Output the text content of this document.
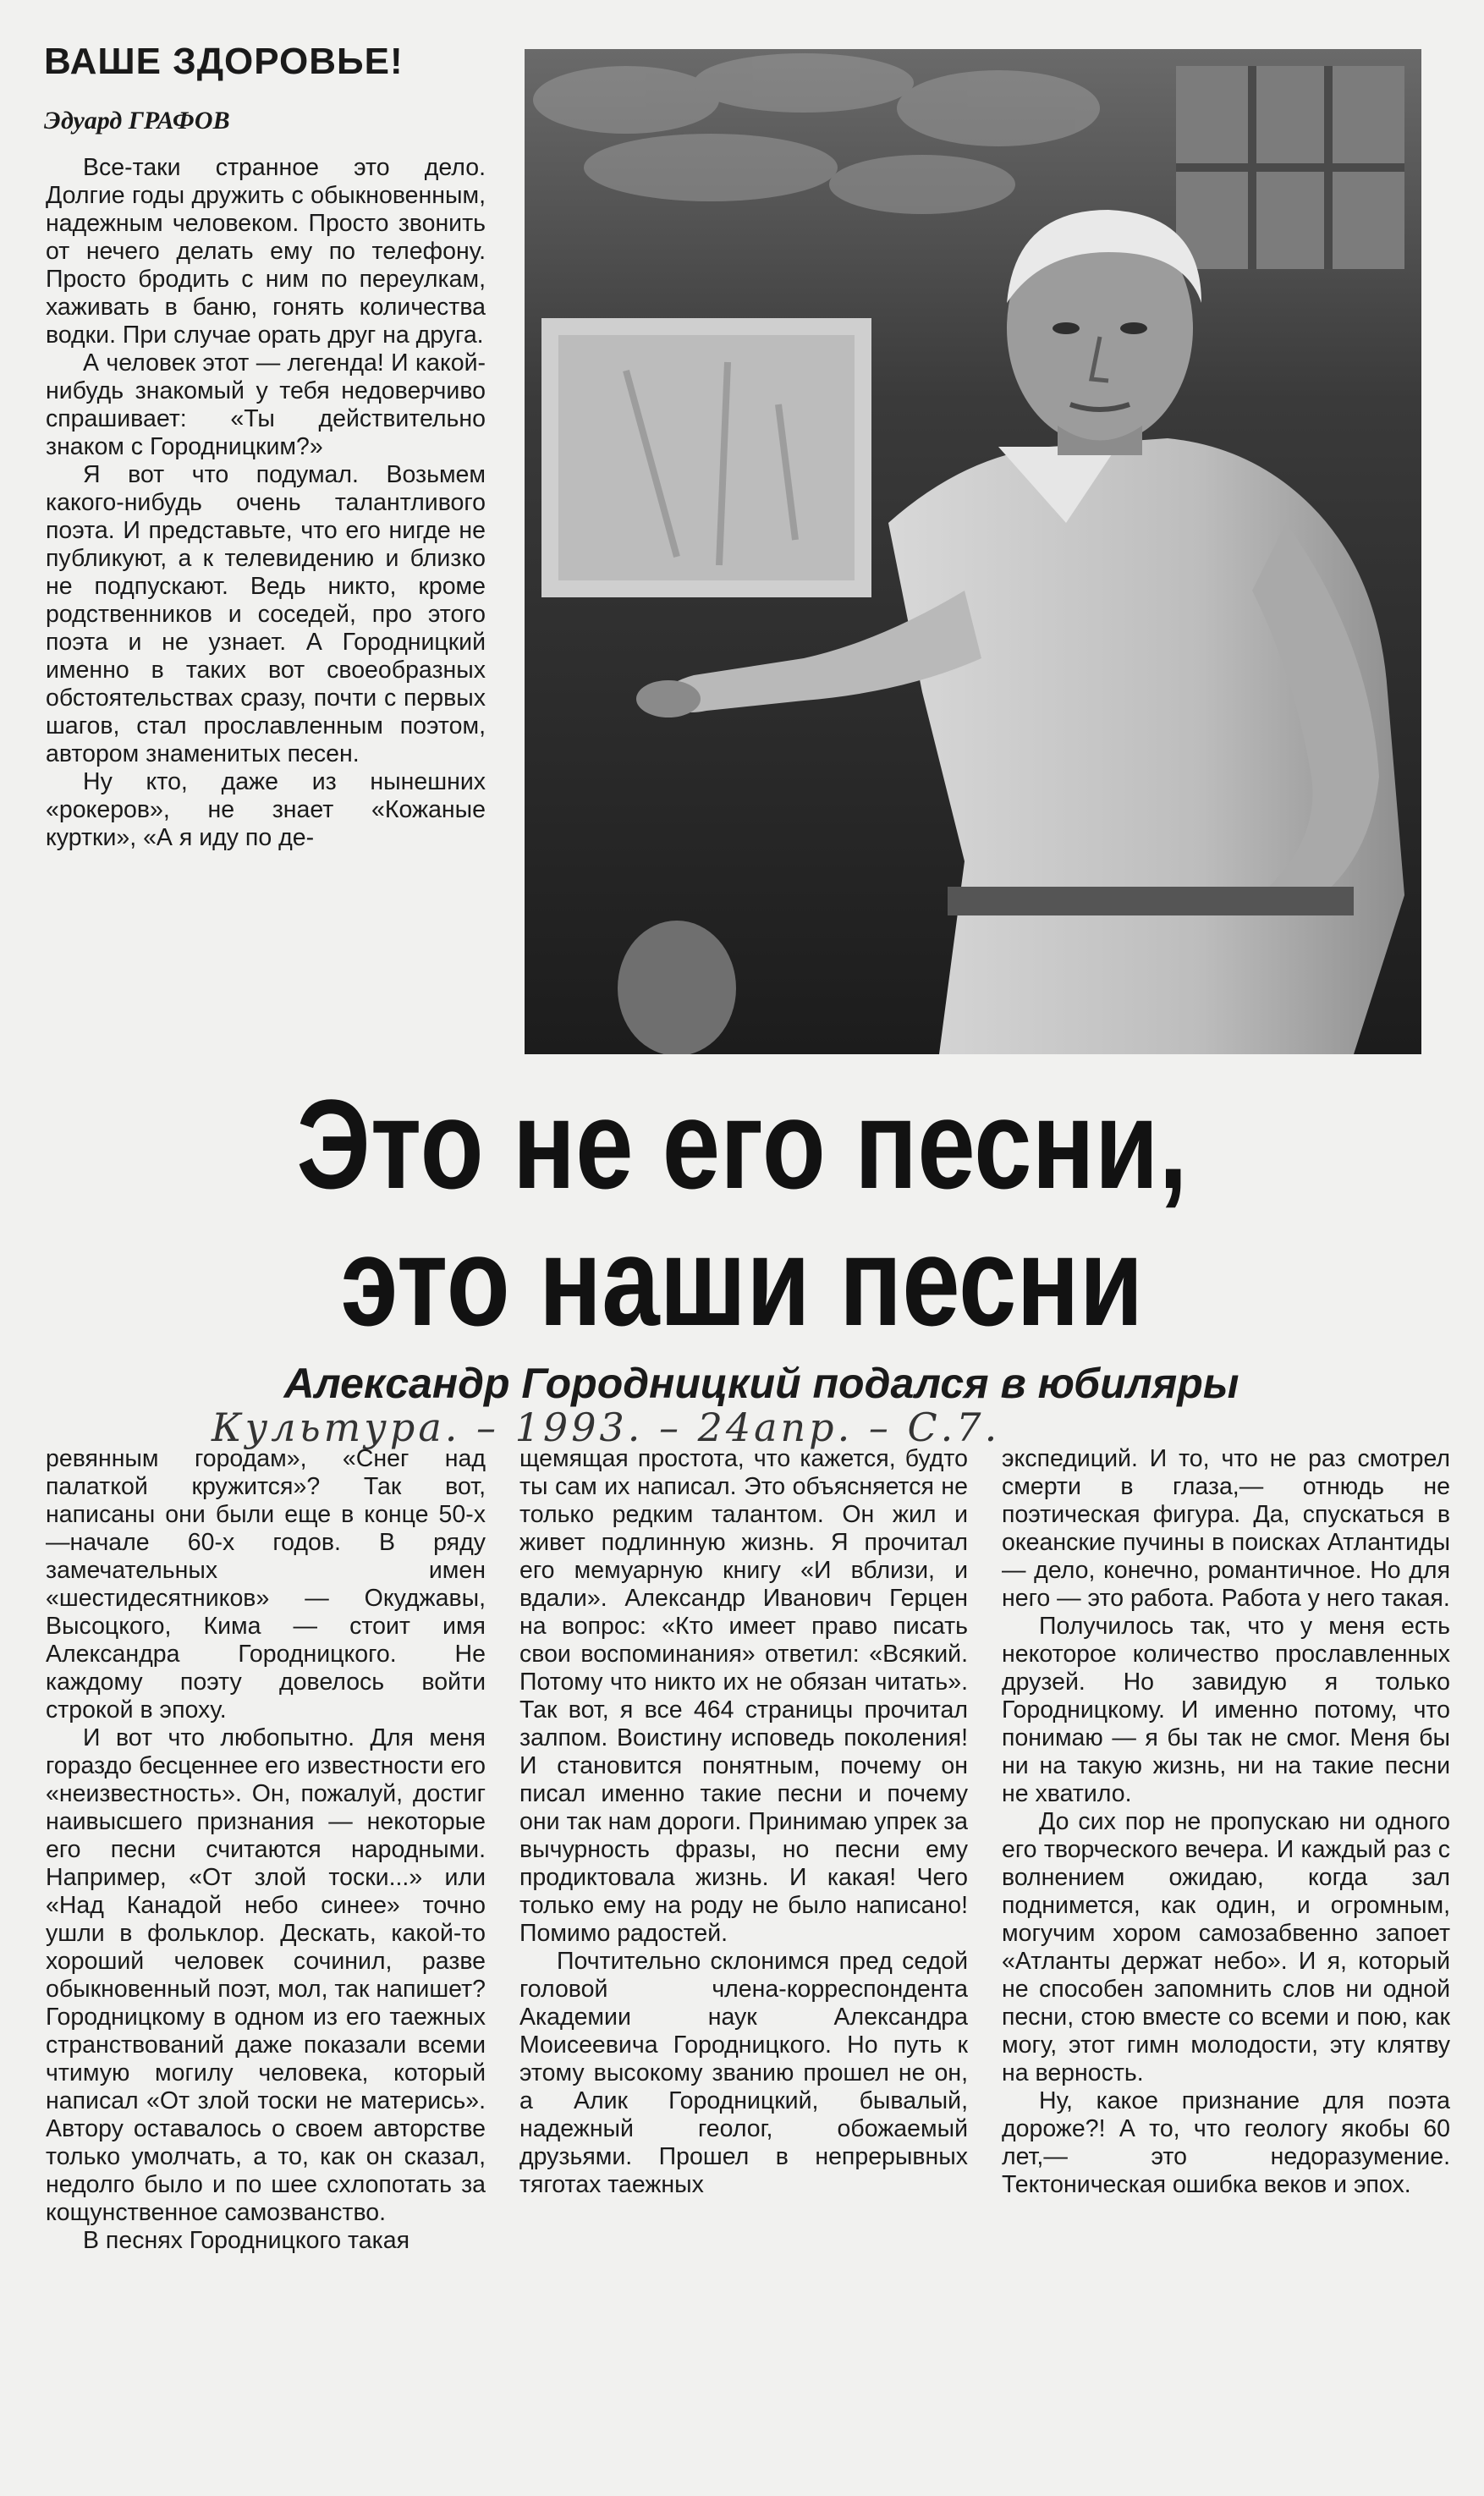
ВАШЕ ЗДОРОВЬЕ!
Эдуард ГРАФОВ

Все-таки странное это дело. Долгие годы дружить с обыкновенным, надежным человеком. Просто звонить от нечего делать ему по телефону. Просто бродить с ним по переулкам, хаживать в баню, гонять количества водки. При случае орать друг на друга.

А человек этот — легенда! И какой-нибудь знакомый у тебя недоверчиво спрашивает: «Ты действительно знаком с Городницким?»

Я вот что подумал. Возьмем какого-нибудь очень талантливого поэта. И представьте, что его нигде не публикуют, а к телевидению и близко не подпускают. Ведь никто, кроме родственников и соседей, про этого поэта и не узнает. А Городницкий именно в таких вот своеобразных обстоятельствах сразу, почти с первых шагов, стал прославленным поэтом, автором знаменитых песен.

Ну кто, даже из нынешних «рокеров», не знает «Кожаные куртки», «А я иду по де-

Это не его песни,
это наши песни
Александр Городницкий подался в юбиляры
Культура. – 1993. – 24апр. – С.7.

ревянным городам», «Снег над палаткой кружится»? Так вот, написаны они были еще в конце 50-х—начале 60-х годов. В ряду замечательных имен «шестидесятников» — Окуджавы, Высоцкого, Кима — стоит имя Александра Городницкого. Не каждому поэту довелось войти строкой в эпоху.

И вот что любопытно. Для меня гораздо бесценнее его известности его «неизвестность». Он, пожалуй, достиг наивысшего признания — некоторые его песни считаются народными. Например, «От злой тоски...» или «Над Канадой небо синее» точно ушли в фольклор. Дескать, какой-то хороший человек сочинил, разве обыкновенный поэт, мол, так напишет? Городницкому в одном из его таежных странствований даже показали всеми чтимую могилу человека, который написал «От злой тоски не матерись». Автору оставалось о своем авторстве только умолчать, а то, как он сказал, недолго было и по шее схлопотать за кощунственное самозванство.

В песнях Городницкого такая

щемящая простота, что кажется, будто ты сам их написал. Это объясняется не только редким талантом. Он жил и живет подлинную жизнь. Я прочитал его мемуарную книгу «И вблизи, и вдали». Александр Иванович Герцен на вопрос: «Кто имеет право писать свои воспоминания» ответил: «Всякий. Потому что никто их не обязан читать». Так вот, я все 464 страницы прочитал залпом. Воистину исповедь поколения! И становится понятным, почему он писал именно такие песни и почему они так нам дороги. Принимаю упрек за вычурность фразы, но песни ему продиктовала жизнь. И какая! Чего только ему на роду не было написано! Помимо радостей.

Почтительно склонимся пред седой головой члена-корреспондента Академии наук Александра Моисеевича Городницкого. Но путь к этому высокому званию прошел не он, а Алик Городницкий, бывалый, надежный геолог, обожаемый друзьями. Прошел в непрерывных тяготах таежных

экспедиций. И то, что не раз смотрел смерти в глаза,— отнюдь не поэтическая фигура. Да, спускаться в океанские пучины в поисках Атлантиды— дело, конечно, романтичное. Но для него — это работа. Работа у него такая.

Получилось так, что у меня есть некоторое количество прославленных друзей. Но завидую я только Городницкому. И именно потому, что понимаю — я бы так не смог. Меня бы ни на такую жизнь, ни на такие песни не хватило.

До сих пор не пропускаю ни одного его творческого вечера. И каждый раз с волнением ожидаю, когда зал поднимется, как один, и огромным, могучим хором самозабвенно запоет «Атланты держат небо». И я, который не способен запомнить слов ни одной песни, стою вместе со всеми и пою, как могу, этот гимн молодости, эту клятву на верность.

Ну, какое признание для поэта дороже?! А то, что геологу якобы 60 лет,— это недоразумение. Тектоническая ошибка веков и эпох.
